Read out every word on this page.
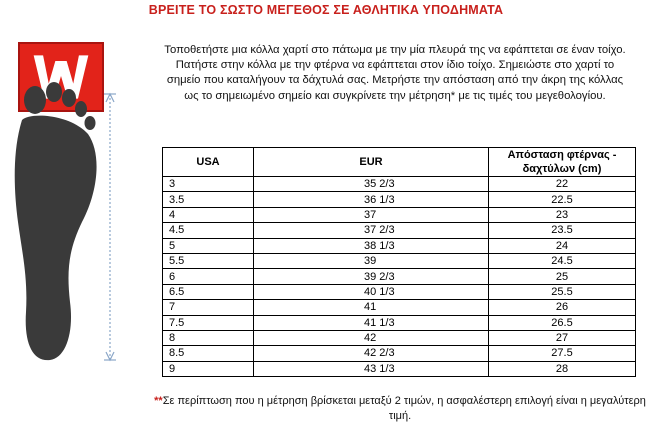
ΒΡΕΙΤΕ ΤΟ ΣΩΣΤΟ ΜΕΓΕΘΟΣ ΣΕ ΑΘΛΗΤΙΚΑ ΥΠΟΔΗΜΑΤΑ
Τοποθετήστε μια κόλλα χαρτί στο πάτωμα με την μία πλευρά της να εφάπτεται σε έναν τοίχο. Πατήστε στην κόλλα με την φτέρνα να εφάπτεται στον ίδιο τοίχο. Σημειώστε στο χαρτί το σημείο που καταλήγουν τα δάχτυλά σας. Μετρήστε την απόσταση από την άκρη της κόλλας ως το σημειωμένο σημείο και συγκρίνετε την μέτρηση* με τις τιμές του μεγεθολογίου.
USA	EUR	Απόσταση φτέρνας - δαχτύλων (cm)
3	35 2/3	22
3.5	36 1/3	22.5
4	37	23
4.5	37 2/3	23.5
5	38 1/3	24
5.5	39	24.5
6	39 2/3	25
6.5	40 1/3	25.5
7	41	26
7.5	41 1/3	26.5
8	42	27
8.5	42 2/3	27.5
9	43 1/3	28
**Σε περίπτωση που η μέτρηση βρίσκεται μεταξύ 2 τιμών, η ασφαλέστερη επιλογή είναι η μεγαλύτερη τιμή.
